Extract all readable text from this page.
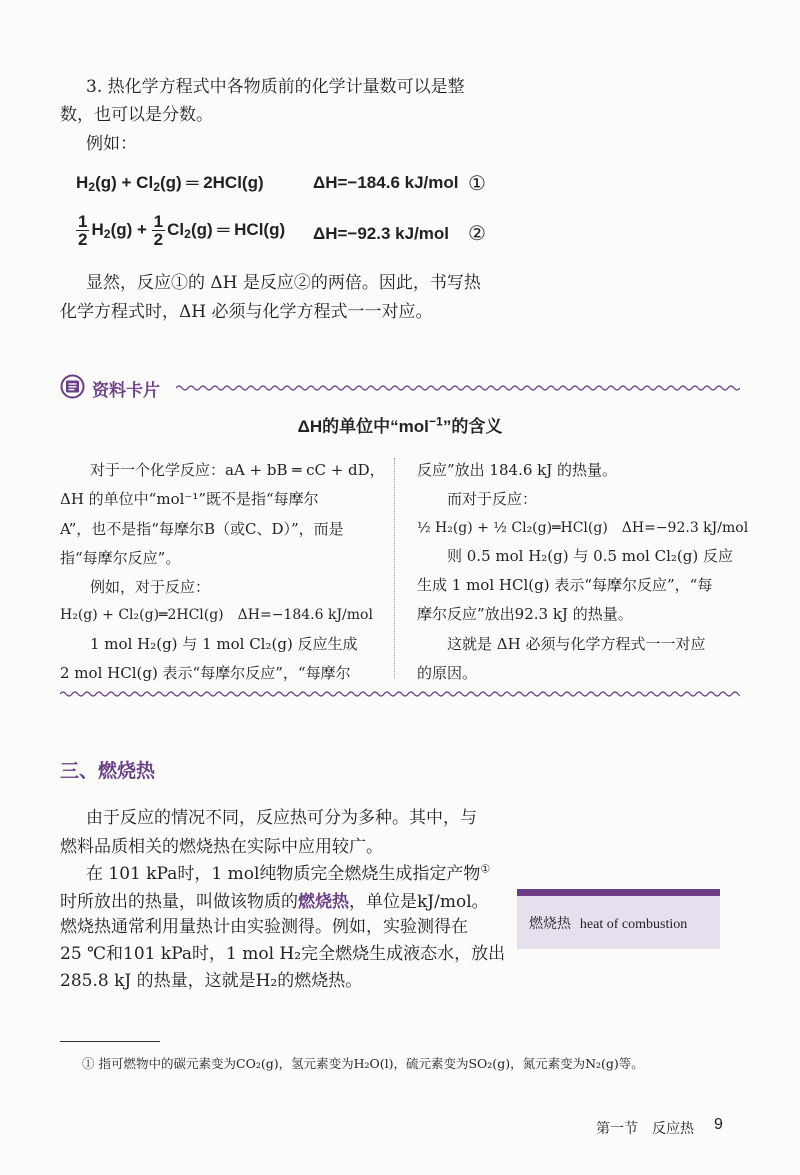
3. 热化学方程式中各物质前的化学计量数可以是整
数，也可以是分数。
例如：
$H_2(g) + Cl_2(g)$ ═ 2HCl(g)	ΔH=−184.6 kJ/mol ①
$\frac{1}{2} H_2(g) + \frac{1}{2} Cl_2(g)$ ═ HCl(g) ΔH=−92.3 kJ/mol ②
显然，反应①的 ΔH 是反应②的两倍。因此，书写热
化学方程式时，ΔH 必须与化学方程式一一对应。
资料卡片
ΔH的单位中“mol$^{-1}$”的含义
对于一个化学反应：aA + bB ═ cC + dD，
ΔH 的单位中“mol⁻¹”既不是指“每摩尔
A”，也不是指“每摩尔B（或C、D）”，而是
指“每摩尔反应”。
例如，对于反应：
H₂(g) + Cl₂(g)═2HCl(g)　ΔH=−184.6 kJ/mol
1 mol H₂(g) 与 1 mol Cl₂(g) 反应生成
2 mol HCl(g) 表示“每摩尔反应”，“每摩尔
反应”放出 184.6 kJ 的热量。
而对于反应：
½ H₂(g) + ½ Cl₂(g)═HCl(g)　ΔH=−92.3 kJ/mol
则 0.5 mol H₂(g) 与 0.5 mol Cl₂(g) 反应
生成 1 mol HCl(g) 表示“每摩尔反应”，“每
摩尔反应”放出92.3 kJ 的热量。
这就是 ΔH 必须与化学方程式一一对应
的原因。
三、燃烧热
由于反应的情况不同，反应热可分为多种。其中，与
燃料品质相关的燃烧热在实际中应用较广。
在 101 kPa时，1 mol纯物质完全燃烧生成指定产物①
时所放出的热量，叫做该物质的燃烧热，单位是kJ/mol。
燃烧热通常利用量热计由实验测得。例如，实验测得在
25 ℃和101 kPa时，1 mol H₂完全燃烧生成液态水，放出
285.8 kJ 的热量，这就是H₂的燃烧热。
燃烧热 heat of combustion
① 指可燃物中的碳元素变为CO₂(g)，氢元素变为H₂O(l)，硫元素变为SO₂(g)，氮元素变为N₂(g)等。
第一节　反应热 9
